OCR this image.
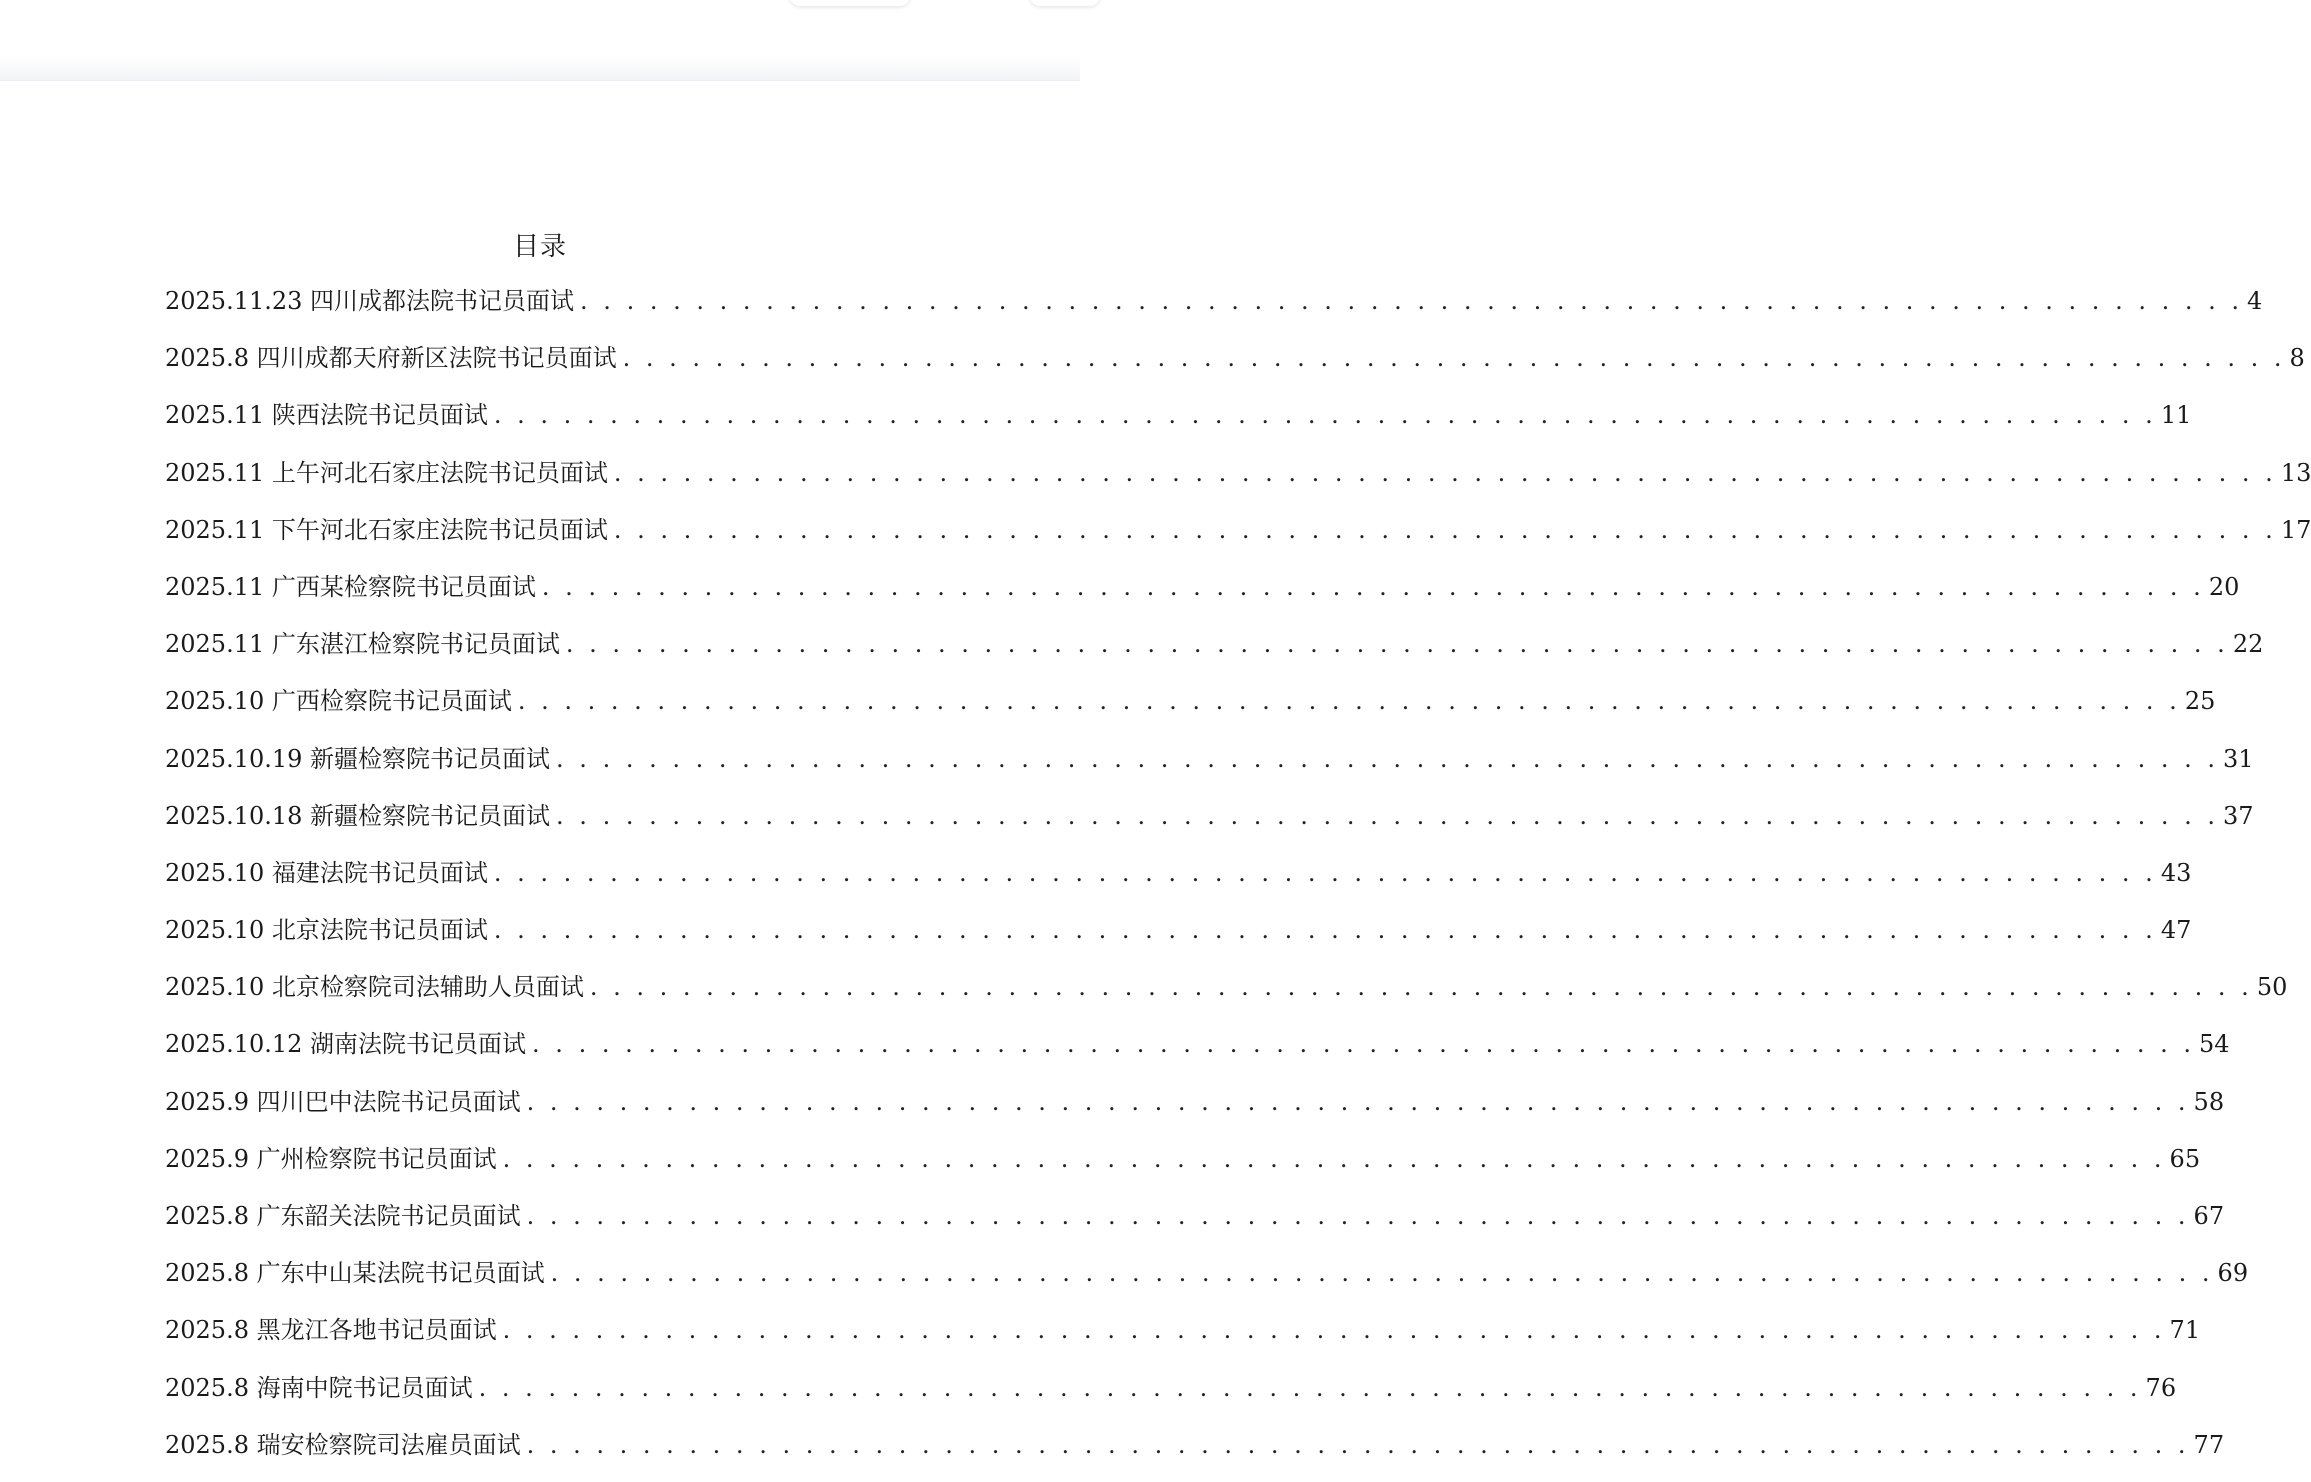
目录
2025.11.23 四川成都法院书记员面试 . . .	4
2025.8 四川成都天府新区法院书记员面试 . . .	8
2025.11 陕西法院书记员面试 . . .	11
2025.11 上午河北石家庄法院书记员面试 . . .	13
2025.11 下午河北石家庄法院书记员面试 . . .	17
2025.11 广西某检察院书记员面试 . . .	20
2025.11 广东湛江检察院书记员面试 . . .	22
2025.10 广西检察院书记员面试 . . .	25
2025.10.19 新疆检察院书记员面试 . . .	31
2025.10.18 新疆检察院书记员面试 . . .	37
2025.10 福建法院书记员面试 . . .	43
2025.10 北京法院书记员面试 . . .	47
2025.10 北京检察院司法辅助人员面试 . . .	50
2025.10.12 湖南法院书记员面试 . . .	54
2025.9 四川巴中法院书记员面试 . . .	58
2025.9 广州检察院书记员面试 . . .	65
2025.8 广东韶关法院书记员面试 . . .	67
2025.8 广东中山某法院书记员面试 . . .	69
2025.8 黑龙江各地书记员面试 . . .	71
2025.8 海南中院书记员面试 . . .	76
2025.8 瑞安检察院司法雇员面试 . . .	77
